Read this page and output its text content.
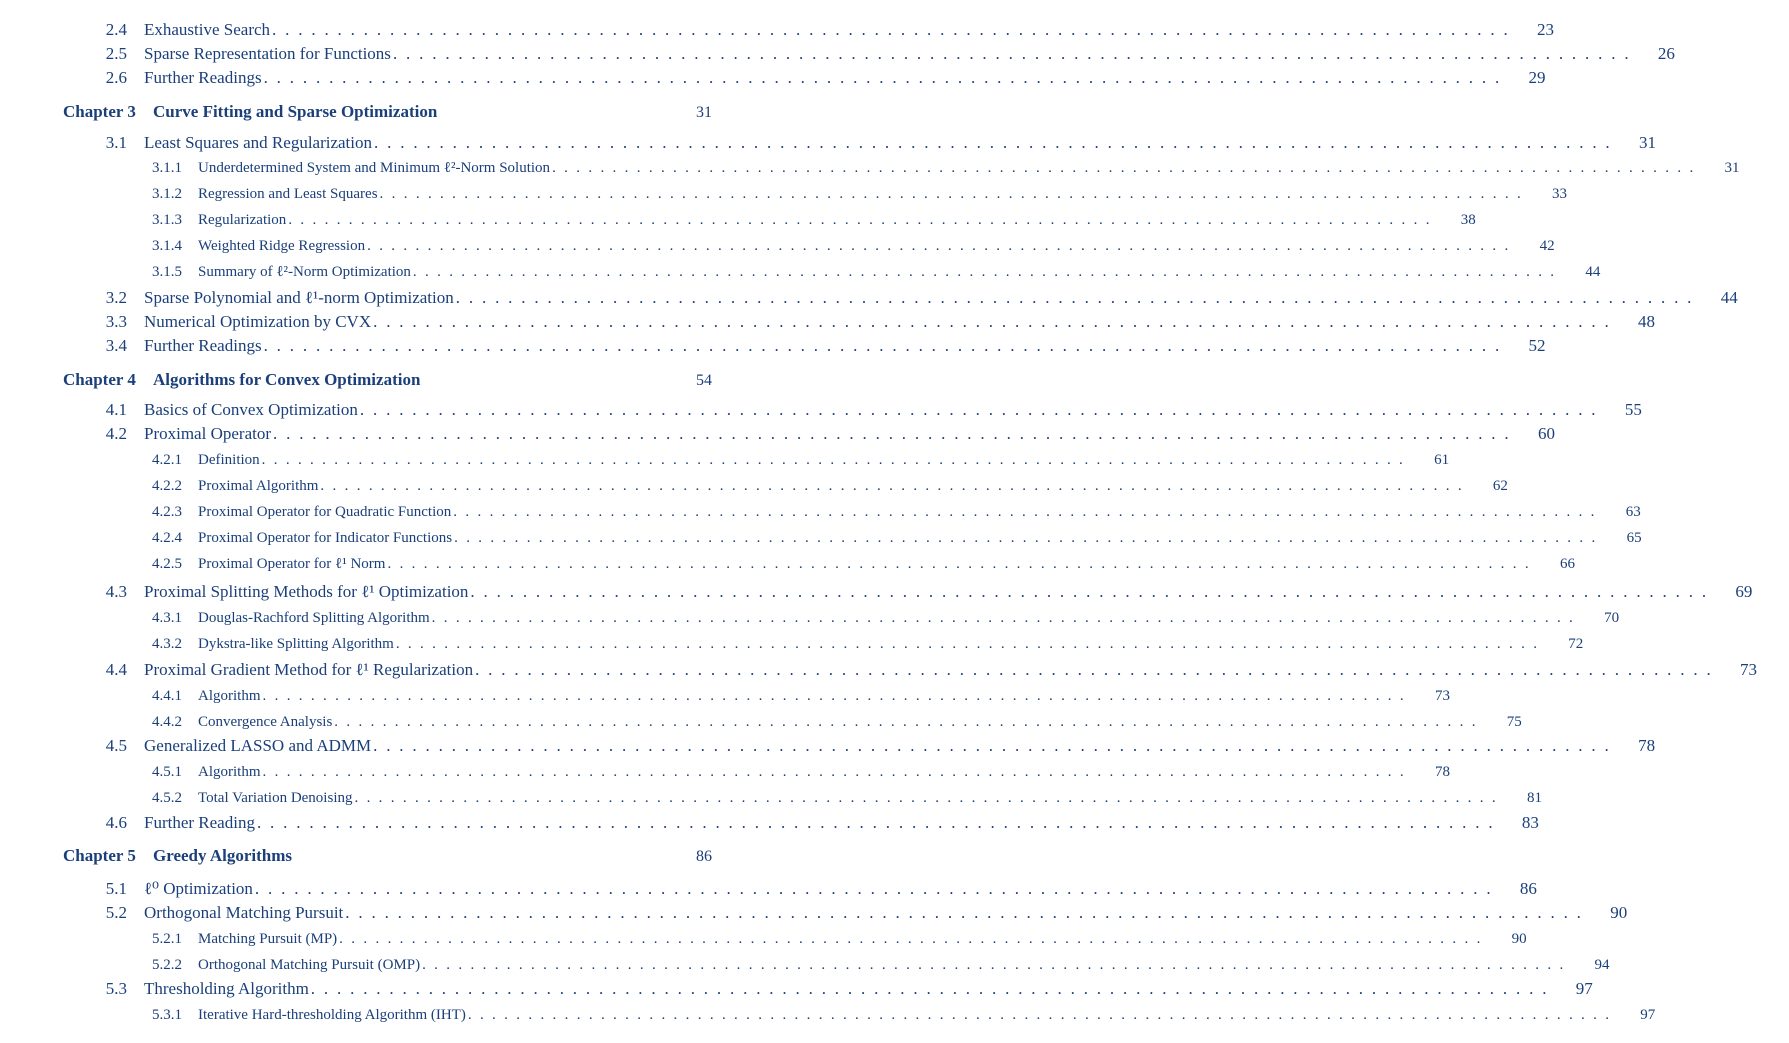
2.4 Exhaustive Search . . . . . . . . . . . . . . . . . . . . . . . . . . . . . . . . . . . . . . . . . . . . . . . . . . . . . . . . . . . . . . . . . . . . . . . . . . . . . . . . . . . . . . . . . . . . . . .	23
2.5 Sparse Representation for Functions . . . . . . . . . . . . . . . . . . . . . . . . . . . . . . . . . . . . . . . . . . . . . . . . . . . . . . . . . . . . . . . . . . . . . . . . . . . . . . . . . . . . . . . . . . . . . . .	26
2.6 Further Readings . . . . . . . . . . . . . . . . . . . . . . . . . . . . . . . . . . . . . . . . . . . . . . . . . . . . . . . . . . . . . . . . . . . . . . . . . . . . . . . . . . . . . . . . . . . . . . .	29
Chapter 3 Curve Fitting and Sparse Optimization	31
3.1 Least Squares and Regularization . . . . . . . . . . . . . . . . . . . . . . . . . . . . . . . . . . . . . . . . . . . . . . . . . . . . . . . . . . . . . . . . . . . . . . . . . . . . . . . . . . . . . . . . . . . . . . .	31
3.1.1 Underdetermined System and Minimum ℓ²-Norm Solution . . . . . . . . . . . . . . . . . . . . . . . . . . . . . . . . . . . . . . . . . . . . . . . . . . . . . . . . . . . . . . . . . . . . . . . . . . . . . . . . . . . . . . . . . . . . . . .	31
3.1.2 Regression and Least Squares . . . . . . . . . . . . . . . . . . . . . . . . . . . . . . . . . . . . . . . . . . . . . . . . . . . . . . . . . . . . . . . . . . . . . . . . . . . . . . . . . . . . . . . . . . . . . . .	33
3.1.3 Regularization . . . . . . . . . . . . . . . . . . . . . . . . . . . . . . . . . . . . . . . . . . . . . . . . . . . . . . . . . . . . . . . . . . . . . . . . . . . . . . . . . . . . . . . . . . . . . . .	38
3.1.4 Weighted Ridge Regression . . . . . . . . . . . . . . . . . . . . . . . . . . . . . . . . . . . . . . . . . . . . . . . . . . . . . . . . . . . . . . . . . . . . . . . . . . . . . . . . . . . . . . . . . . . . . . .	42
3.1.5 Summary of ℓ²-Norm Optimization . . . . . . . . . . . . . . . . . . . . . . . . . . . . . . . . . . . . . . . . . . . . . . . . . . . . . . . . . . . . . . . . . . . . . . . . . . . . . . . . . . . . . . . . . . . . . . .	44
3.2 Sparse Polynomial and ℓ¹-norm Optimization . . . . . . . . . . . . . . . . . . . . . . . . . . . . . . . . . . . . . . . . . . . . . . . . . . . . . . . . . . . . . . . . . . . . . . . . . . . . . . . . . . . . . . . . . . . . . . .	44
3.3 Numerical Optimization by CVX . . . . . . . . . . . . . . . . . . . . . . . . . . . . . . . . . . . . . . . . . . . . . . . . . . . . . . . . . . . . . . . . . . . . . . . . . . . . . . . . . . . . . . . . . . . . . . .	48
3.4 Further Readings . . . . . . . . . . . . . . . . . . . . . . . . . . . . . . . . . . . . . . . . . . . . . . . . . . . . . . . . . . . . . . . . . . . . . . . . . . . . . . . . . . . . . . . . . . . . . . .	52
Chapter 4 Algorithms for Convex Optimization	54
4.1 Basics of Convex Optimization . . . . . . . . . . . . . . . . . . . . . . . . . . . . . . . . . . . . . . . . . . . . . . . . . . . . . . . . . . . . . . . . . . . . . . . . . . . . . . . . . . . . . . . . . . . . . . .	55
4.2 Proximal Operator . . . . . . . . . . . . . . . . . . . . . . . . . . . . . . . . . . . . . . . . . . . . . . . . . . . . . . . . . . . . . . . . . . . . . . . . . . . . . . . . . . . . . . . . . . . . . . .	60
4.2.1 Definition . . . . . . . . . . . . . . . . . . . . . . . . . . . . . . . . . . . . . . . . . . . . . . . . . . . . . . . . . . . . . . . . . . . . . . . . . . . . . . . . . . . . . . . . . . . . . . .	61
4.2.2 Proximal Algorithm . . . . . . . . . . . . . . . . . . . . . . . . . . . . . . . . . . . . . . . . . . . . . . . . . . . . . . . . . . . . . . . . . . . . . . . . . . . . . . . . . . . . . . . . . . . . . . .	62
4.2.3 Proximal Operator for Quadratic Function . . . . . . . . . . . . . . . . . . . . . . . . . . . . . . . . . . . . . . . . . . . . . . . . . . . . . . . . . . . . . . . . . . . . . . . . . . . . . . . . . . . . . . . . . . . . . . .	63
4.2.4 Proximal Operator for Indicator Functions . . . . . . . . . . . . . . . . . . . . . . . . . . . . . . . . . . . . . . . . . . . . . . . . . . . . . . . . . . . . . . . . . . . . . . . . . . . . . . . . . . . . . . . . . . . . . . .	65
4.2.5 Proximal Operator for ℓ¹ Norm . . . . . . . . . . . . . . . . . . . . . . . . . . . . . . . . . . . . . . . . . . . . . . . . . . . . . . . . . . . . . . . . . . . . . . . . . . . . . . . . . . . . . . . . . . . . . . .	66
4.3 Proximal Splitting Methods for ℓ¹ Optimization . . . . . . . . . . . . . . . . . . . . . . . . . . . . . . . . . . . . . . . . . . . . . . . . . . . . . . . . . . . . . . . . . . . . . . . . . . . . . . . . . . . . . . . . . . . . . . .	69
4.3.1 Douglas-Rachford Splitting Algorithm . . . . . . . . . . . . . . . . . . . . . . . . . . . . . . . . . . . . . . . . . . . . . . . . . . . . . . . . . . . . . . . . . . . . . . . . . . . . . . . . . . . . . . . . . . . . . . .	70
4.3.2 Dykstra-like Splitting Algorithm . . . . . . . . . . . . . . . . . . . . . . . . . . . . . . . . . . . . . . . . . . . . . . . . . . . . . . . . . . . . . . . . . . . . . . . . . . . . . . . . . . . . . . . . . . . . . . .	72
4.4 Proximal Gradient Method for ℓ¹ Regularization . . . . . . . . . . . . . . . . . . . . . . . . . . . . . . . . . . . . . . . . . . . . . . . . . . . . . . . . . . . . . . . . . . . . . . . . . . . . . . . . . . . . . . . . . . . . . . .	73
4.4.1 Algorithm . . . . . . . . . . . . . . . . . . . . . . . . . . . . . . . . . . . . . . . . . . . . . . . . . . . . . . . . . . . . . . . . . . . . . . . . . . . . . . . . . . . . . . . . . . . . . . .	73
4.4.2 Convergence Analysis . . . . . . . . . . . . . . . . . . . . . . . . . . . . . . . . . . . . . . . . . . . . . . . . . . . . . . . . . . . . . . . . . . . . . . . . . . . . . . . . . . . . . . . . . . . . . . .	75
4.5 Generalized LASSO and ADMM . . . . . . . . . . . . . . . . . . . . . . . . . . . . . . . . . . . . . . . . . . . . . . . . . . . . . . . . . . . . . . . . . . . . . . . . . . . . . . . . . . . . . . . . . . . . . . .	78
4.5.1 Algorithm . . . . . . . . . . . . . . . . . . . . . . . . . . . . . . . . . . . . . . . . . . . . . . . . . . . . . . . . . . . . . . . . . . . . . . . . . . . . . . . . . . . . . . . . . . . . . . .	78
4.5.2 Total Variation Denoising . . . . . . . . . . . . . . . . . . . . . . . . . . . . . . . . . . . . . . . . . . . . . . . . . . . . . . . . . . . . . . . . . . . . . . . . . . . . . . . . . . . . . . . . . . . . . . .	81
4.6 Further Reading . . . . . . . . . . . . . . . . . . . . . . . . . . . . . . . . . . . . . . . . . . . . . . . . . . . . . . . . . . . . . . . . . . . . . . . . . . . . . . . . . . . . . . . . . . . . . . .	83
Chapter 5 Greedy Algorithms	86
5.1 ℓ⁰ Optimization . . . . . . . . . . . . . . . . . . . . . . . . . . . . . . . . . . . . . . . . . . . . . . . . . . . . . . . . . . . . . . . . . . . . . . . . . . . . . . . . . . . . . . . . . . . . . . .	86
5.2 Orthogonal Matching Pursuit . . . . . . . . . . . . . . . . . . . . . . . . . . . . . . . . . . . . . . . . . . . . . . . . . . . . . . . . . . . . . . . . . . . . . . . . . . . . . . . . . . . . . . . . . . . . . . .	90
5.2.1 Matching Pursuit (MP) . . . . . . . . . . . . . . . . . . . . . . . . . . . . . . . . . . . . . . . . . . . . . . . . . . . . . . . . . . . . . . . . . . . . . . . . . . . . . . . . . . . . . . . . . . . . . . .	90
5.2.2 Orthogonal Matching Pursuit (OMP) . . . . . . . . . . . . . . . . . . . . . . . . . . . . . . . . . . . . . . . . . . . . . . . . . . . . . . . . . . . . . . . . . . . . . . . . . . . . . . . . . . . . . . . . . . . . . . .	94
5.3 Thresholding Algorithm . . . . . . . . . . . . . . . . . . . . . . . . . . . . . . . . . . . . . . . . . . . . . . . . . . . . . . . . . . . . . . . . . . . . . . . . . . . . . . . . . . . . . . . . . . . . . . .	97
5.3.1 Iterative Hard-thresholding Algorithm (IHT) . . . . . . . . . . . . . . . . . . . . . . . . . . . . . . . . . . . . . . . . . . . . . . . . . . . . . . . . . . . . . . . . . . . . . . . . . . . . . . . . . . . . . . . . . . . . . . .	97
